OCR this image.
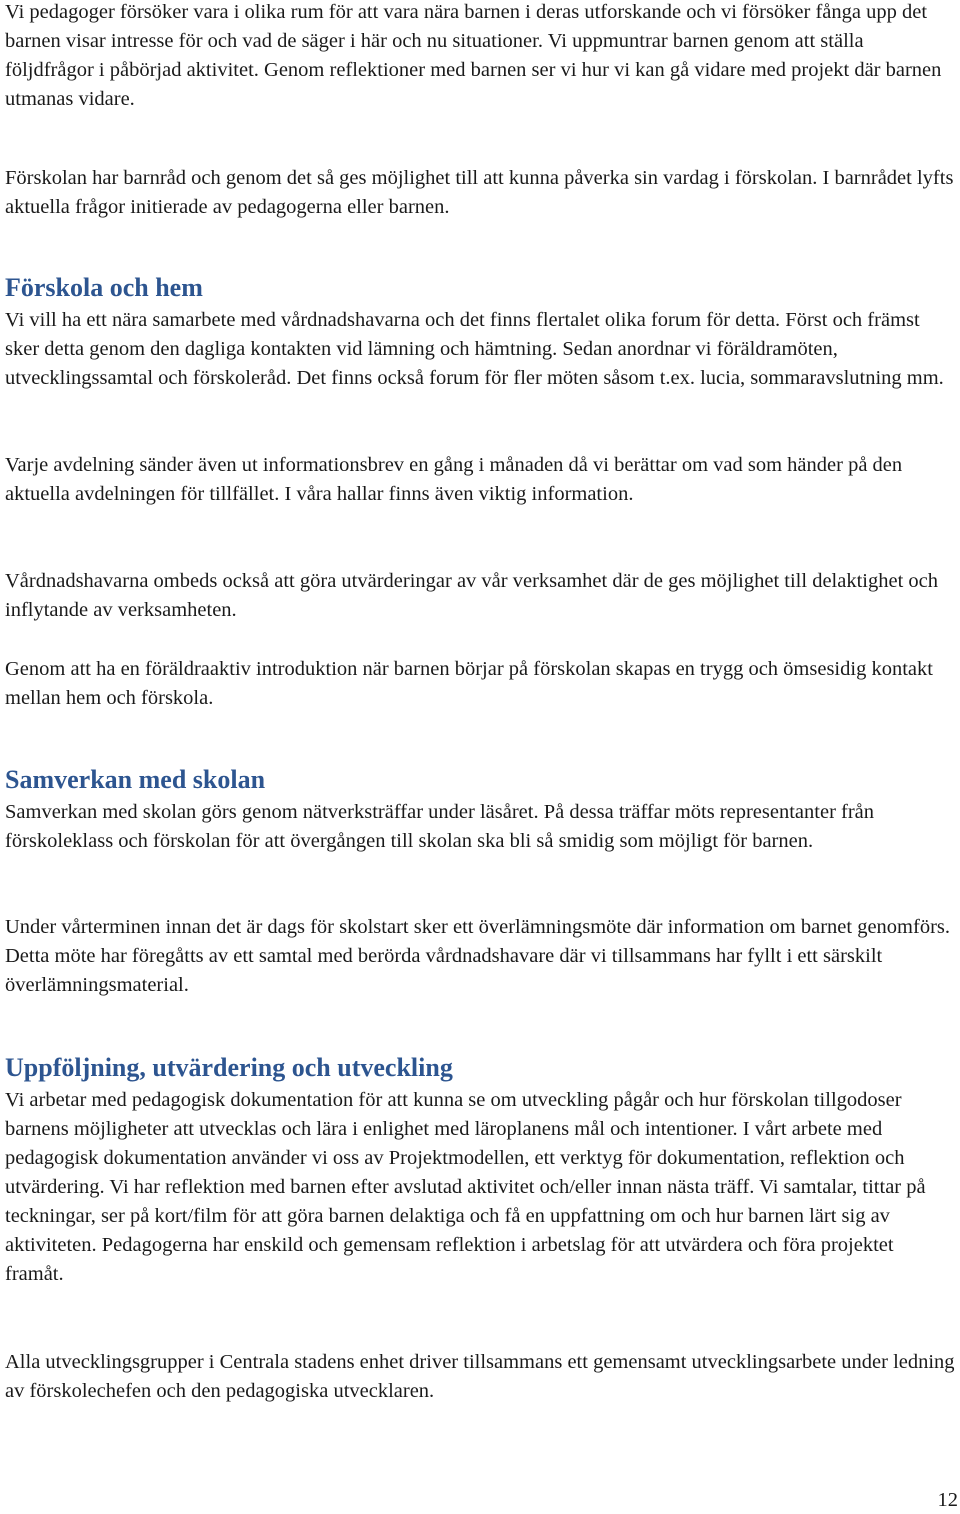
Vi pedagoger försöker vara i olika rum för att vara nära barnen i deras utforskande och vi försöker fånga upp det barnen visar intresse för och vad de säger i här och nu situationer. Vi uppmuntrar barnen genom att ställa följdfrågor i påbörjad aktivitet. Genom reflektioner med barnen ser vi hur vi kan gå vidare med projekt där barnen utmanas vidare.

Förskolan har barnråd och genom det så ges möjlighet till att kunna påverka sin vardag i förskolan. I barnrådet lyfts aktuella frågor initierade av pedagogerna eller barnen.

Förskola och hem

Vi vill ha ett nära samarbete med vårdnadshavarna och det finns flertalet olika forum för detta. Först och främst sker detta genom den dagliga kontakten vid lämning och hämtning. Sedan anordnar vi föräldramöten, utvecklingssamtal och förskoleråd. Det finns också forum för fler möten såsom t.ex. lucia, sommaravslutning mm.

Varje avdelning sänder även ut informationsbrev en gång i månaden då vi berättar om vad som händer på den aktuella avdelningen för tillfället. I våra hallar finns även viktig information.

Vårdnadshavarna ombeds också att göra utvärderingar av vår verksamhet där de ges möjlighet till delaktighet och inflytande av verksamheten.

Genom att ha en föräldraaktiv introduktion när barnen börjar på förskolan skapas en trygg och ömsesidig kontakt mellan hem och förskola.

Samverkan med skolan

Samverkan med skolan görs genom nätverksträffar under läsåret. På dessa träffar möts representanter från förskoleklass och förskolan för att övergången till skolan ska bli så smidig som möjligt för barnen.

Under vårterminen innan det är dags för skolstart sker ett överlämningsmöte där information om barnet genomförs. Detta möte har föregåtts av ett samtal med berörda vårdnadshavare där vi tillsammans har fyllt i ett särskilt överlämningsmaterial.

Uppföljning, utvärdering och utveckling

Vi arbetar med pedagogisk dokumentation för att kunna se om utveckling pågår och hur förskolan tillgodoser barnens möjligheter att utvecklas och lära i enlighet med läroplanens mål och intentioner. I vårt arbete med pedagogisk dokumentation använder vi oss av Projektmodellen, ett verktyg för dokumentation, reflektion och utvärdering. Vi har reflektion med barnen efter avslutad aktivitet och/eller innan nästa träff. Vi samtalar, tittar på teckningar, ser på kort/film för att göra barnen delaktiga och få en uppfattning om och hur barnen lärt sig av aktiviteten. Pedagogerna har enskild och gemensam reflektion i arbetslag för att utvärdera och föra projektet framåt.

Alla utvecklingsgrupper i Centrala stadens enhet driver tillsammans ett gemensamt utvecklingsarbete under ledning av förskolechefen och den pedagogiska utvecklaren.

12
